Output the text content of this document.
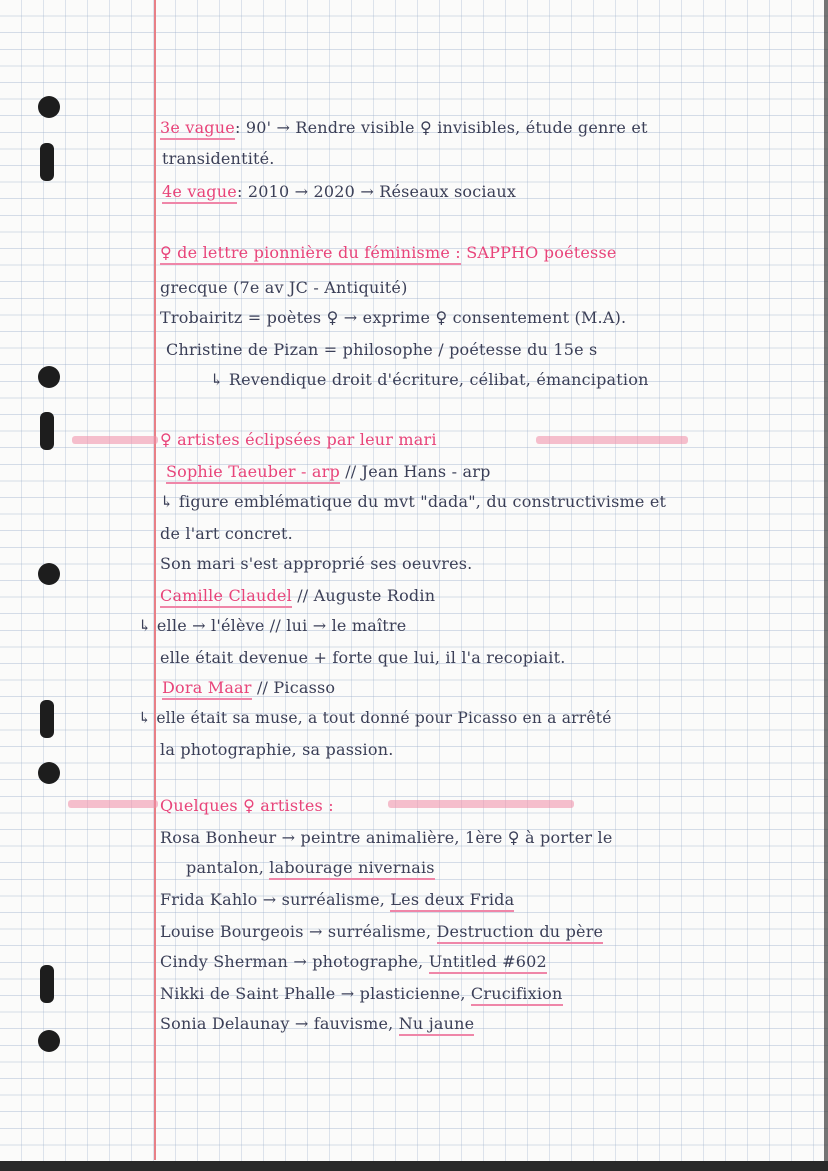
3e vague: 90' → Rendre visible ♀ invisibles, étude genre et
transidentité.
4e vague: 2010 → 2020 → Réseaux sociaux
♀ de lettre pionnière du féminisme : SAPPHO poétesse
grecque (7e av JC - Antiquité)
Trobairitz = poètes ♀ → exprime ♀ consentement (M.A).
Christine de Pizan = philosophe / poétesse du 15e s
↳ Revendique droit d'écriture, célibat, émancipation
♀ artistes éclipsées par leur mari
Sophie Taeuber - arp // Jean Hans - arp
↳ figure emblématique du mvt "dada", du constructivisme et
de l'art concret.
Son mari s'est approprié ses oeuvres.
Camille Claudel // Auguste Rodin
↳ elle → l'élève // lui → le maître
elle était devenue + forte que lui, il l'a recopiait.
Dora Maar // Picasso
↳ elle était sa muse, a tout donné pour Picasso en a arrêté
la photographie, sa passion.
Quelques ♀ artistes :
Rosa Bonheur → peintre animalière, 1ère ♀ à porter le
pantalon, labourage nivernais
Frida Kahlo → surréalisme, Les deux Frida
Louise Bourgeois → surréalisme, Destruction du père
Cindy Sherman → photographe, Untitled #602
Nikki de Saint Phalle → plasticienne, Crucifixion
Sonia Delaunay → fauvisme, Nu jaune
